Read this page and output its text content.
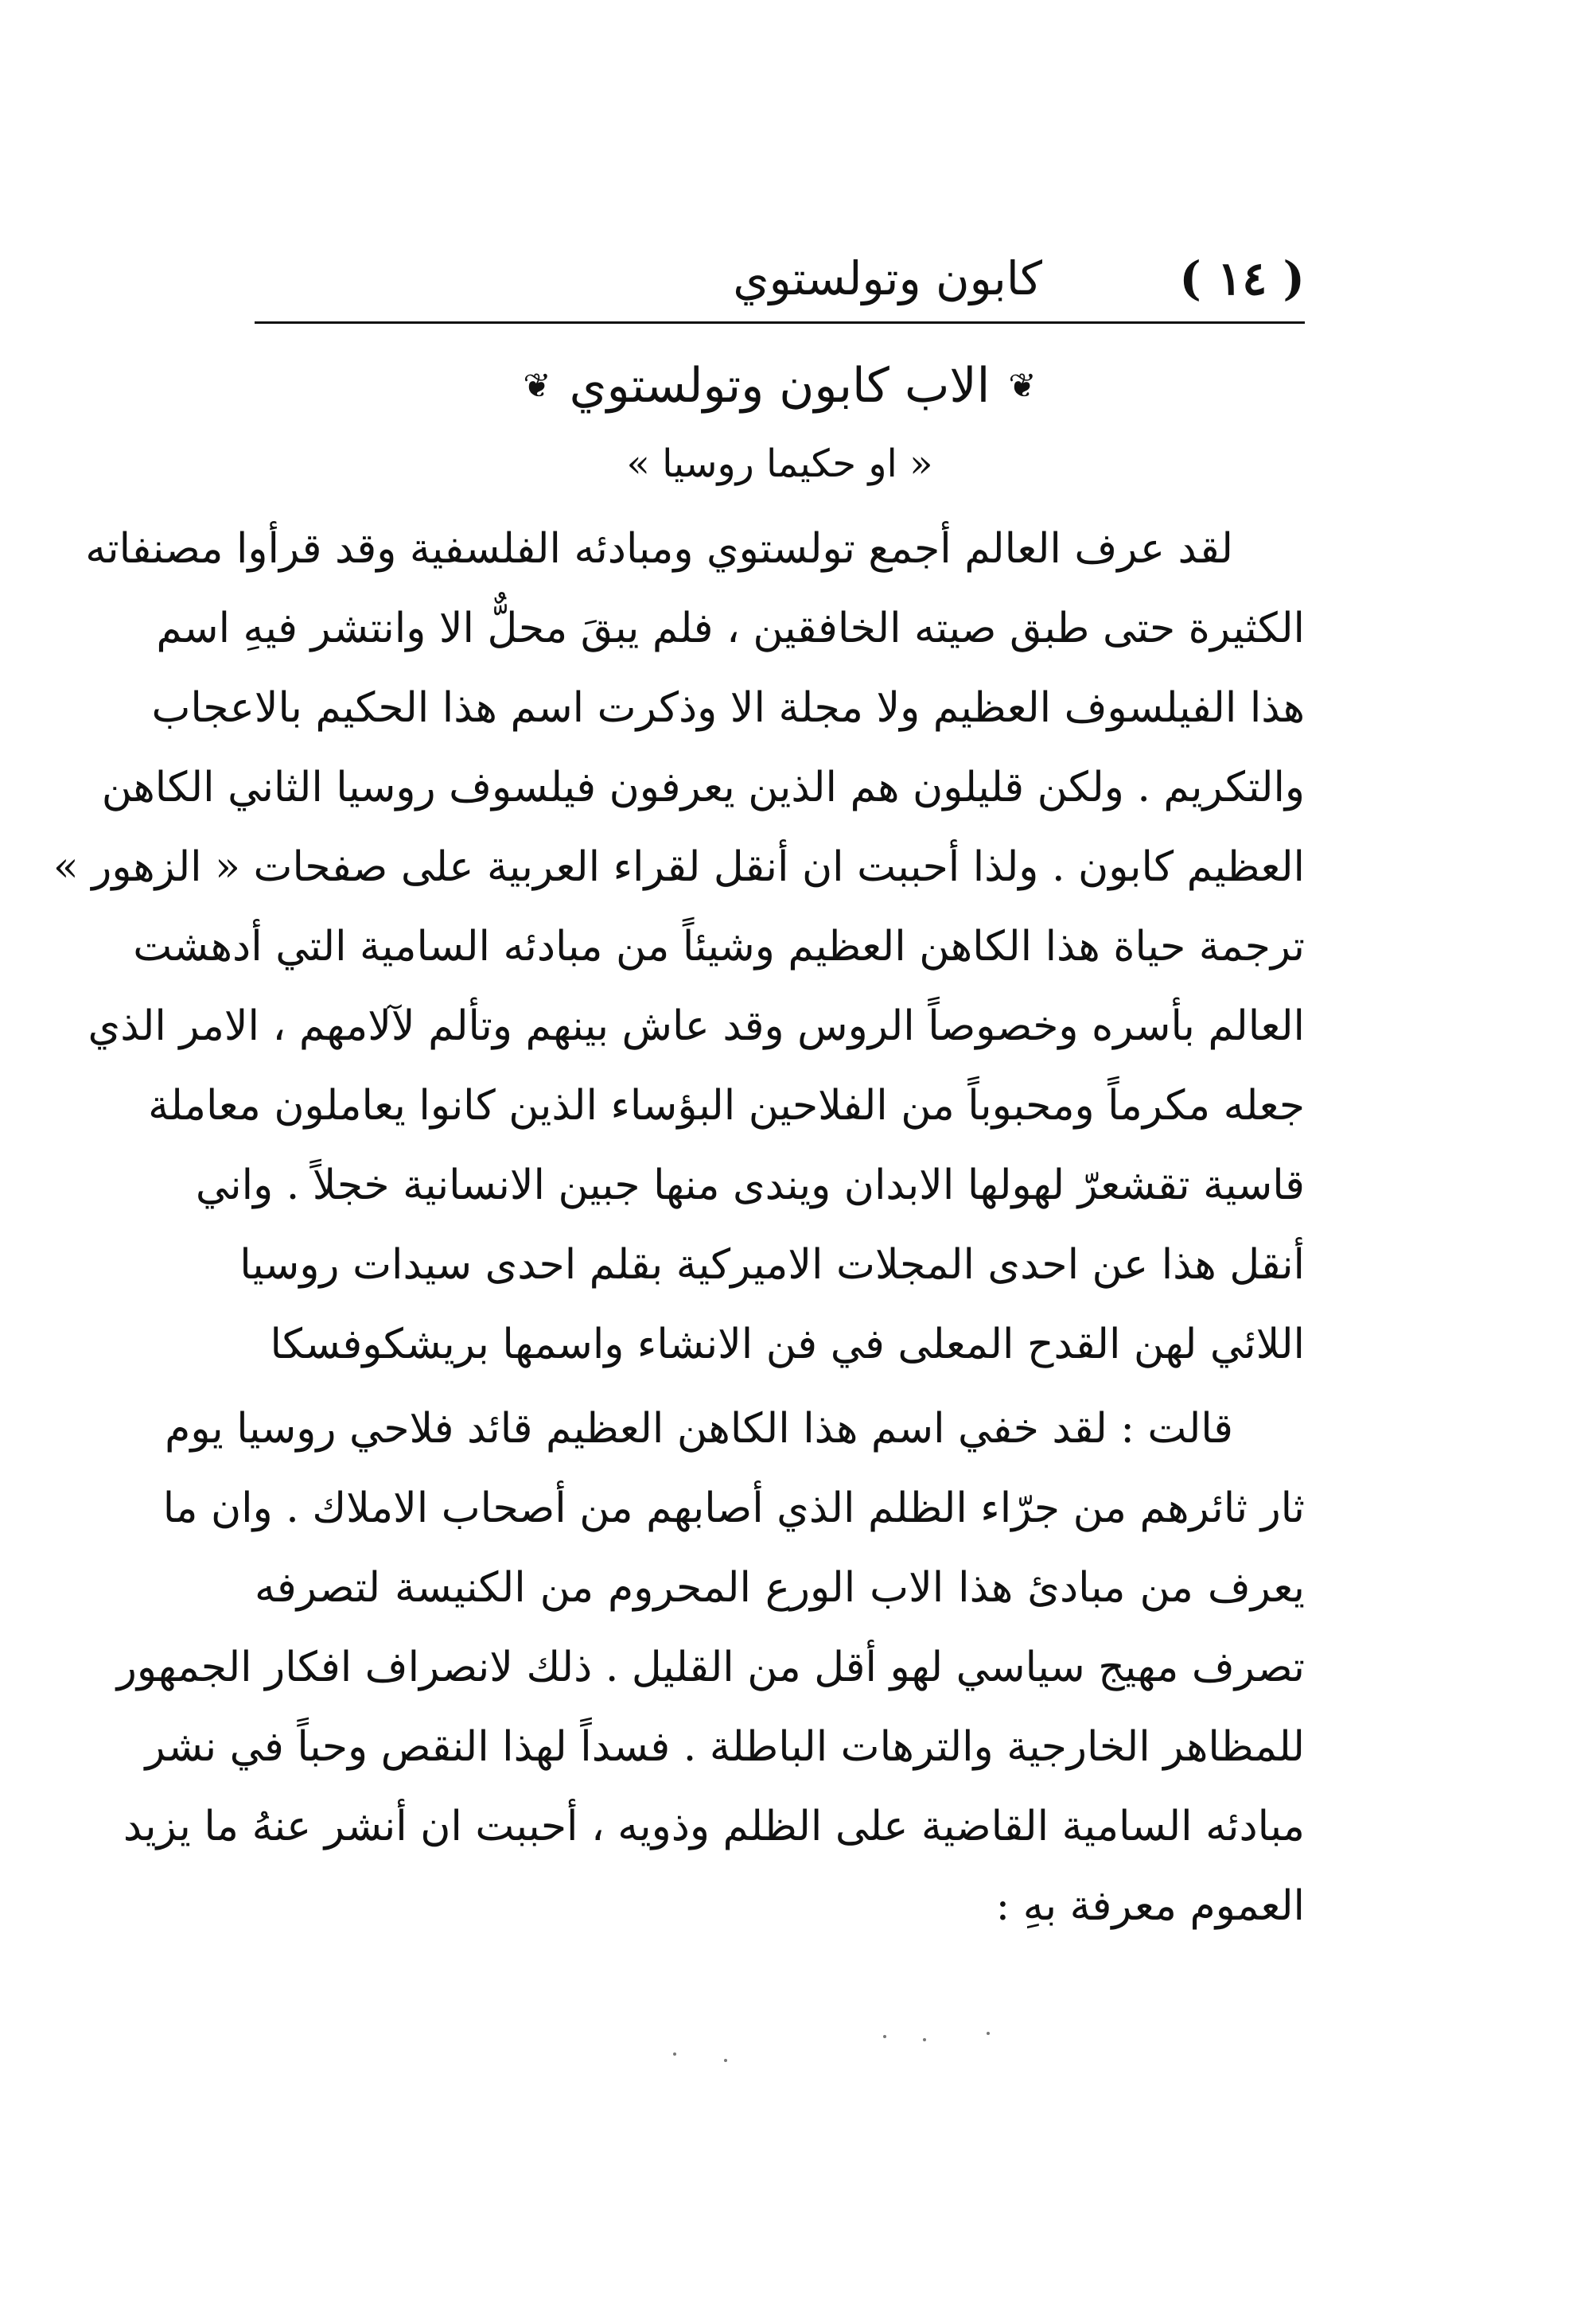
( ١٤ )
كابون وتولستوي
❦ الاب كابون وتولستوي ❦
« او حكيما روسيا »
لقد عرف العالم أجمع تولستوي ومبادئه الفلسفية وقد قرأوا مصنفاته
الكثيرة حتى طبق صيته الخافقين ، فلم يبقَ محلٌّ الا وانتشر فيهِ اسم
هذا الفيلسوف العظيم ولا مجلة الا وذكرت اسم هذا الحكيم بالاعجاب
والتكريم . ولكن قليلون هم الذين يعرفون فيلسوف روسيا الثاني الكاهن
العظيم كابون . ولذا أحببت ان أنقل لقراء العربية على صفحات « الزهور »
ترجمة حياة هذا الكاهن العظيم وشيئاً من مبادئه السامية التي أدهشت
العالم بأسره وخصوصاً الروس وقد عاش بينهم وتألم لآلامهم ، الامر الذي
جعله مكرماً ومحبوباً من الفلاحين البؤساء الذين كانوا يعاملون معاملة
قاسية تقشعرّ لهولها الابدان ويندى منها جبين الانسانية خجلاً . واني
أنقل هذا عن احدى المجلات الاميركية بقلم احدى سيدات روسيا
اللائي لهن القدح المعلى في فن الانشاء واسمها بريشكوفسكا
قالت : لقد خفي اسم هذا الكاهن العظيم قائد فلاحي روسيا يوم
ثار ثائرهم من جرّاء الظلم الذي أصابهم من أصحاب الاملاك . وان ما
يعرف من مبادئ هذا الاب الورع المحروم من الكنيسة لتصرفه
تصرف مهيج سياسي لهو أقل من القليل . ذلك لانصراف افكار الجمهور
للمظاهر الخارجية والترهات الباطلة . فسداً لهذا النقص وحباً في نشر
مبادئه السامية القاضية على الظلم وذويه ، أحببت ان أنشر عنهُ ما يزيد
العموم معرفة بهِ :
